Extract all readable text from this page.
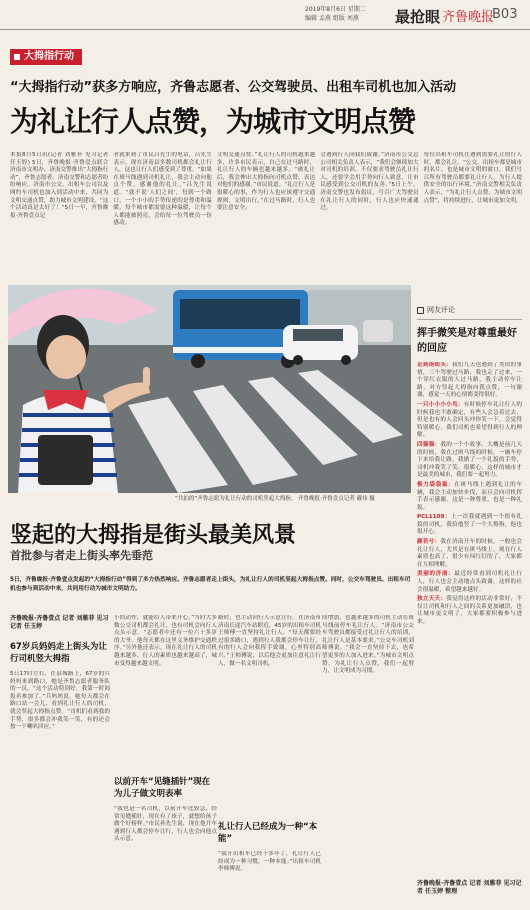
2019年8月6日 星期二
编辑 孟燕 组版 刘燕	最抢眼 齐鲁晚报
B03
大拇指行动
“大拇指行动”获多方响应，齐鲁志愿者、公交驾驶员、出租车司机也加入活动
为礼让行人点赞，为城市文明点赞
本报8月5日讯(记者 刘雅菲 见习记者 任玉婷) 5日，齐鲁晚报·齐鲁壹点联合济南市文明办、济南交警推出“大拇指行动”，齐鲁志愿者、济南交警和志愿者纷纷响应。济南市公交、出租车公司以及网约车司机也加入到活动中来，共同为文明交通点赞，助力城市文明建设。“这个活动真是太好了！”5日一早，齐鲁晚报·齐鲁壹点记
者就来到了市民吕先生的电话，吕先生表示，现在济南县多数司机都会礼让行人，这也让行人们感受到了尊重。“如果在斑马线遇到司机礼让，我会主动向他点个赞，感谢他的礼让。”吕先生说道。“就不说‘人们之间’，每到一个路口，一个小小的手势传递的是尊重和温暖，每个城市都需要这种温暖，让每个人都能被照亮，会给每一位驾驶员一份感动。
文明交通点赞。”礼让行人的司机越来越多，许多市民表示，自己在过马路时，礼让行人的车辆也越来越多。“被礼让后，我会伸出大拇指向司机点赞，表达对他们的感谢。”市民说道。“礼让行人是很暖心的事，作为行人也应该遵守交通规则，文明出行。”在过马路时，行人也要注意安全。
会遇到行人向我们致谢。”济南市公交总公司相关负责人表示，“我们会继续加大对司机的培训，不仅要求驾驶员礼让行人，还要学会用手势向行人致意，让市民感受到公交司机的友善。”5日上午，济南交警也发布倡议，号召广大驾驶员在礼让行人的同时，行人也应快速通过。
每位出租车司机在遇到需要礼让的行人时，都会礼让。“公交、出租车都是城市的名片，也是城市文明的窗口。我们号召所有驾驶员都要礼让行人，为行人提供安全的出行环境。”济南交警相关负责人表示，“为礼让行人点赞，为城市文明点赞”，将持续进行，让城市更加文明。
“共拍的”齐鲁志愿为礼让行动的司机竖起大拇指。 齐鲁晚报·齐鲁壹点记者 戴伟 摄
网友评论
挥手微笑是对尊重最好的回应

走到南街头：我们九天也遇到了类似的事情，三个驾驶过马路，我也走了过来，一个穿红衣服的人过马路，我主动停车让路，对方竖起大拇指向我点赞，一句谢谢，感觉一天的心情都变得很好。

一只小小小小鸟：有时候停车礼让行人的时候我也不敢确定，有些人会急着过去，但是也有的人会回头冲你笑一下，会觉得特别暖心。我们司机也希望得到行人的理解。

四猫猫：我的一个小故事，大概是前几天的时候，我在过斑马线的时候，一辆车停下来给我让路，我做了一个礼貌的手势，司机冲我笑了笑，很暖心。这样的城市才是最美的城市，我们要一起努力。

极力袋袋鼠：在斑马线上遇到礼让的车辆，我会主动加快步伐，而且会向司机挥手表示感谢。这是一种尊重，也是一种礼貌。

PCL1109：上一次我就遇到一个很有礼貌的司机，我给他竖了一个大拇指，他也很开心。

颜若兮：我在济南开车的时候，一般也会礼让行人，尤其是在斑马线上。现在行人素质也高了，很少有闯红灯的了，大家都在互相理解。

美丽的济南：最近经常看到司机礼让行人，行人也会主动地点头致谢，这样的社会很温暖，希望越来越好。

独立天天：我觉得这样的活动非常好，不仅让司机和行人之间的关系更加融洽，也让城市更文明了，大家都要积极参与进来。

齐鲁晚报·齐鲁壹点 记者 刘雅菲 见习记者 任玉婷 整理
竖起的大拇指是街头最美风景
首批参与者走上街头率先垂范
5日，齐鲁晚报·齐鲁壹点发起的“大拇指行动”得到了多方热烈响应。齐鲁志愿者走上街头，为礼让行人的司机竖起大拇指点赞。同时，公交车驾驶员、出租车司机也参与到活动中来，共同用行动为城市文明助力。
齐鲁晚报·齐鲁壹点 记者 刘雅菲 见习记者 任玉婷
67岁兵妈妈走上街头为让行司机竖大拇指
5日17时左右，在泉城路上，67岁的兵妈妈来到路口，她是齐鲁志愿者服务队的一员。“这个活动特别好，我第一时间报名参加了。”兵妈妈说，她每天都会在路口站一会儿，看到礼让行人的司机，就会竖起大拇指点赞。“司机们看到我的手势，很多都会冲我笑一笑，有的还会按一下喇叭回应。”
小的动作，就能给人带来开心。”当时大多数公交司机都会礼让，也有司机会向行人点头示意。“志愿者中还有一位六十多岁的大爷，他每天都在这里义务维护交通秩序。”另外他还表示，现在礼让行人的司机越来越多，行人的素质也越来越高了，城市变得越来越文明。
以前开车“见缝插针”现在为儿子做文明表率
“我也是一名司机，以前开车比较急，经常见缝插针，现在有了孩子，就想给孩子做个好榜样。”市民孙先生说，现在他开车遇到行人都会停车让行，行人也会向他点头示意。
路时，也主动向行人示意让行。在济南市济南长途汽车站附近，45岁的出租车司机王师傅一直坚持礼让行人。“每天都要经过很多路口，遇到行人我都会停车让行，有的行人会向我挥手致谢，心里特别高兴。”王师傅说，以后他会更加注意礼让行人，做一名文明司机。
礼让行人已经成为一种“本能”
“我开出租车已经十多年了，礼让行人已经成为一种习惯，一种本能。”出租车司机李师傅说。
间增加，也越来越多的司机主动在斑马线前停车礼让行人。“济南市公交车驾驶员都接受过礼让行人的培训，礼让行人是基本要求。”公交车司机刘师傅说。“我会一直坚持下去，也希望更多的人加入进来。”为城市文明点赞，为礼让行人点赞，我们一起努力，让文明成为习惯。
